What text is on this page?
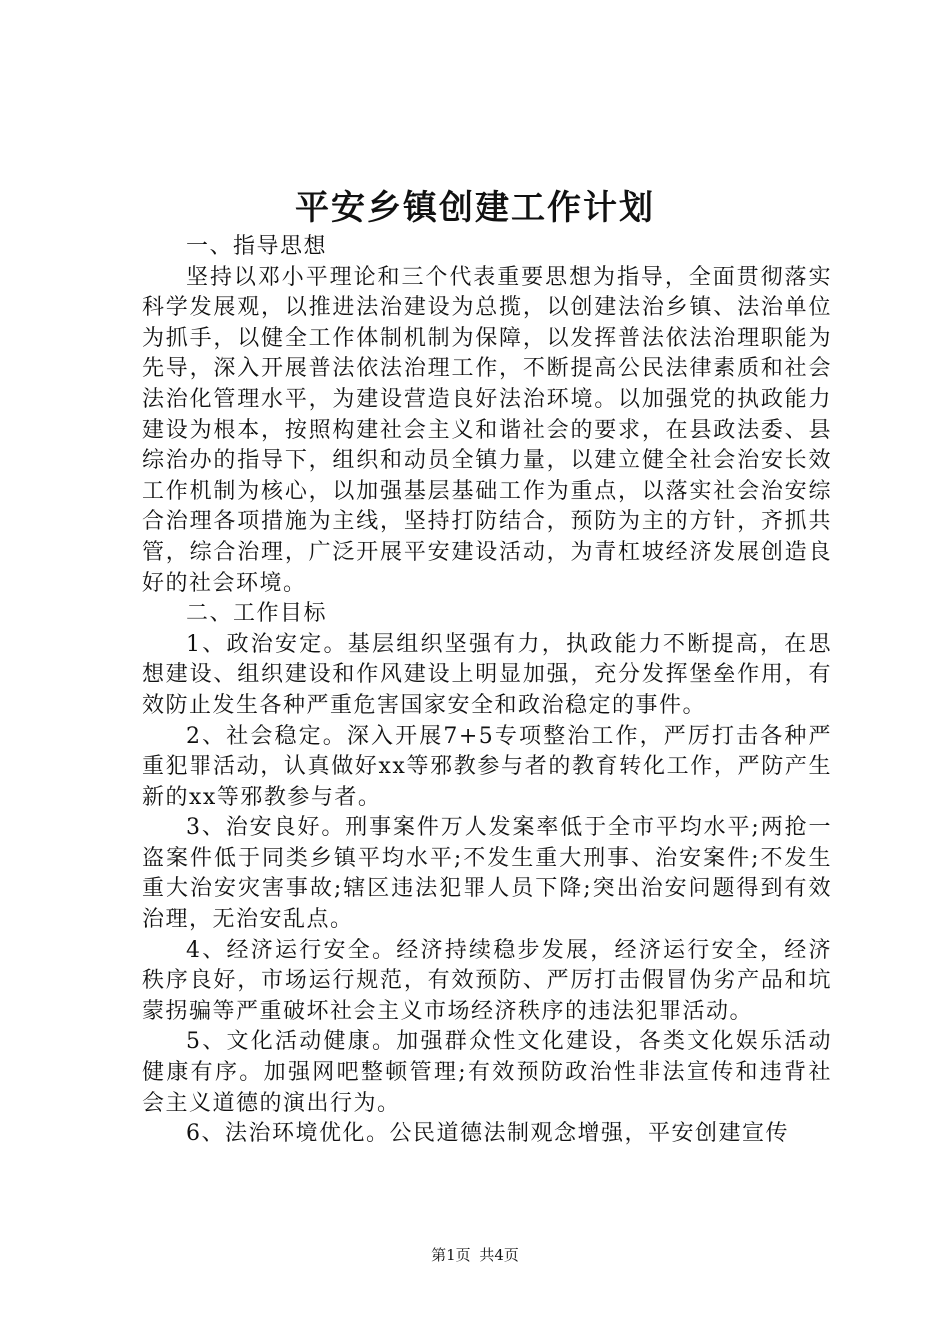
平安乡镇创建工作计划

一、指导思想

坚持以邓小平理论和三个代表重要思想为指导，全面贯彻落实科学发展观，以推进法治建设为总揽，以创建法治乡镇、法治单位为抓手，以健全工作体制机制为保障，以发挥普法依法治理职能为先导，深入开展普法依法治理工作，不断提高公民法律素质和社会法治化管理水平，为建设营造良好法治环境。以加强党的执政能力建设为根本，按照构建社会主义和谐社会的要求，在县政法委、县综治办的指导下，组织和动员全镇力量，以建立健全社会治安长效工作机制为核心，以加强基层基础工作为重点，以落实社会治安综合治理各项措施为主线，坚持打防结合，预防为主的方针，齐抓共管，综合治理，广泛开展平安建设活动，为青杠坡经济发展创造良好的社会环境。

二、工作目标

1、政治安定。基层组织坚强有力，执政能力不断提高，在思想建设、组织建设和作风建设上明显加强，充分发挥堡垒作用，有效防止发生各种严重危害国家安全和政治稳定的事件。

2、社会稳定。深入开展7+5专项整治工作，严厉打击各种严重犯罪活动，认真做好xx等邪教参与者的教育转化工作，严防产生新的xx等邪教参与者。

3、治安良好。刑事案件万人发案率低于全市平均水平;两抢一盗案件低于同类乡镇平均水平;不发生重大刑事、治安案件;不发生重大治安灾害事故;辖区违法犯罪人员下降;突出治安问题得到有效治理，无治安乱点。

4、经济运行安全。经济持续稳步发展，经济运行安全，经济秩序良好，市场运行规范，有效预防、严厉打击假冒伪劣产品和坑蒙拐骗等严重破坏社会主义市场经济秩序的违法犯罪活动。

5、文化活动健康。加强群众性文化建设，各类文化娱乐活动健康有序。加强网吧整顿管理;有效预防政治性非法宣传和违背社会主义道德的演出行为。

6、法治环境优化。公民道德法制观念增强，平安创建宣传

第1页 共4页
